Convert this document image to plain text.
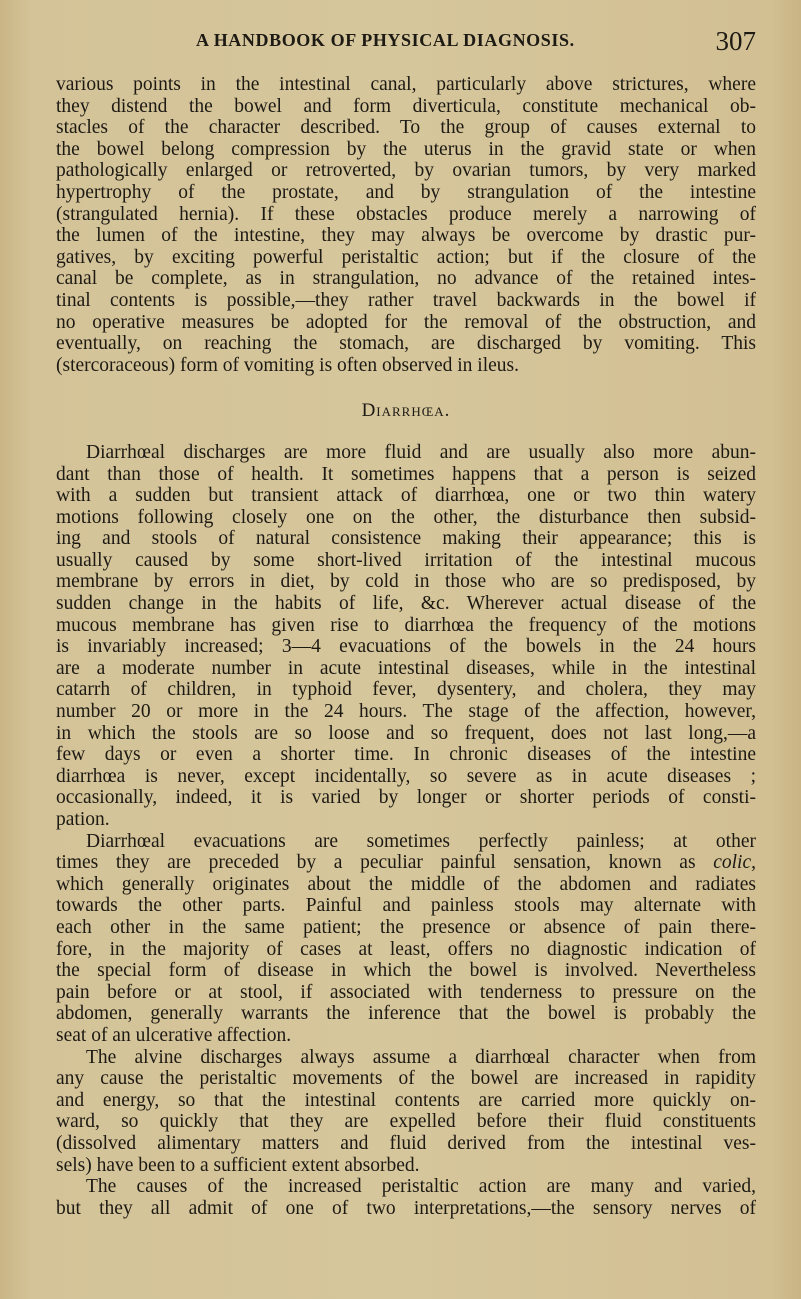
A HANDBOOK OF PHYSICAL DIAGNOSIS.	307
various points in the intestinal canal, particularly above strictures, where
they distend the bowel and form diverticula, constitute mechanical ob-
stacles of the character described. To the group of causes external to
the bowel belong compression by the uterus in the gravid state or when
pathologically enlarged or retroverted, by ovarian tumors, by very marked
hypertrophy of the prostate, and by strangulation of the intestine
(strangulated hernia). If these obstacles produce merely a narrowing of
the lumen of the intestine, they may always be overcome by drastic pur-
gatives, by exciting powerful peristaltic action; but if the closure of the
canal be complete, as in strangulation, no advance of the retained intes-
tinal contents is possible,—they rather travel backwards in the bowel if
no operative measures be adopted for the removal of the obstruction, and
eventually, on reaching the stomach, are discharged by vomiting. This
(stercoraceous) form of vomiting is often observed in ileus.
Diarrhœa.
Diarrhœal discharges are more fluid and are usually also more abun-
dant than those of health. It sometimes happens that a person is seized
with a sudden but transient attack of diarrhœa, one or two thin watery
motions following closely one on the other, the disturbance then subsid-
ing and stools of natural consistence making their appearance; this is
usually caused by some short-lived irritation of the intestinal mucous
membrane by errors in diet, by cold in those who are so predisposed, by
sudden change in the habits of life, &c. Wherever actual disease of the
mucous membrane has given rise to diarrhœa the frequency of the motions
is invariably increased; 3—4 evacuations of the bowels in the 24 hours
are a moderate number in acute intestinal diseases, while in the intestinal
catarrh of children, in typhoid fever, dysentery, and cholera, they may
number 20 or more in the 24 hours. The stage of the affection, however,
in which the stools are so loose and so frequent, does not last long,—a
few days or even a shorter time. In chronic diseases of the intestine
diarrhœa is never, except incidentally, so severe as in acute diseases ;
occasionally, indeed, it is varied by longer or shorter periods of consti-
pation.
Diarrhœal evacuations are sometimes perfectly painless; at other
times they are preceded by a peculiar painful sensation, known as colic,
which generally originates about the middle of the abdomen and radiates
towards the other parts. Painful and painless stools may alternate with
each other in the same patient; the presence or absence of pain there-
fore, in the majority of cases at least, offers no diagnostic indication of
the special form of disease in which the bowel is involved. Nevertheless
pain before or at stool, if associated with tenderness to pressure on the
abdomen, generally warrants the inference that the bowel is probably the
seat of an ulcerative affection.
The alvine discharges always assume a diarrhœal character when from
any cause the peristaltic movements of the bowel are increased in rapidity
and energy, so that the intestinal contents are carried more quickly on-
ward, so quickly that they are expelled before their fluid constituents
(dissolved alimentary matters and fluid derived from the intestinal ves-
sels) have been to a sufficient extent absorbed.
The causes of the increased peristaltic action are many and varied,
but they all admit of one of two interpretations,—the sensory nerves of
